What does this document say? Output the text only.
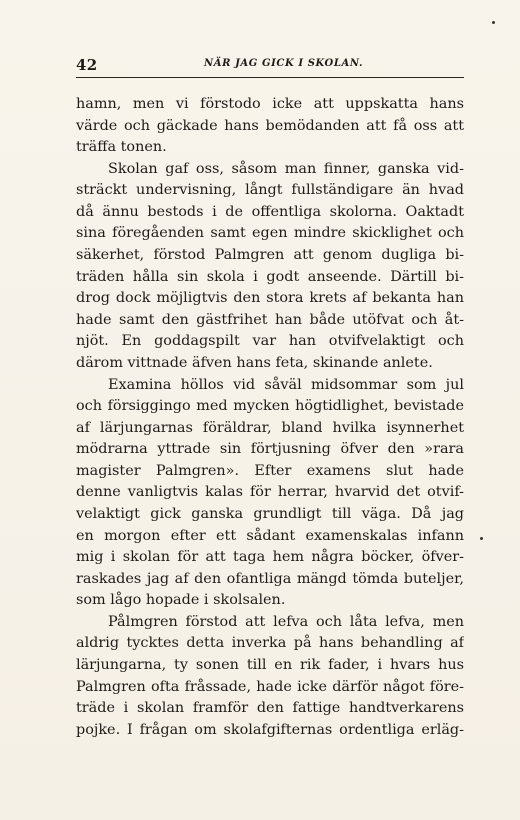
42	NÄR JAG GICK I SKOLAN.
hamn, men vi förstodo icke att uppskatta hans
värde och gäckade hans bemödanden att få oss att
träffa tonen.
Skolan gaf oss, såsom man finner, ganska vid-
sträckt undervisning, långt fullständigare än hvad
då ännu bestods i de offentliga skolorna. Oaktadt
sina föregåenden samt egen mindre skicklighet och
säkerhet, förstod Palmgren att genom dugliga bi-
träden hålla sin skola i godt anseende. Därtill bi-
drog dock möjligtvis den stora krets af bekanta han
hade samt den gästfrihet han både utöfvat och åt-
njöt. En goddagspilt var han otvifvelaktigt och
därom vittnade äfven hans feta, skinande anlete.
Examina höllos vid såväl midsommar som jul
och försiggingo med mycken högtidlighet, bevistade
af lärjungarnas föräldrar, bland hvilka isynnerhet
mödrarna yttrade sin förtjusning öfver den »rara
magister Palmgren». Efter examens slut hade
denne vanligtvis kalas för herrar, hvarvid det otvif-
velaktigt gick ganska grundligt till väga. Då jag
en morgon efter ett sådant examenskalas infann
mig i skolan för att taga hem några böcker, öfver-
raskades jag af den ofantliga mängd tömda buteljer,
som lågo hopade i skolsalen.
Pålmgren förstod att lefva och låta lefva, men
aldrig tycktes detta inverka på hans behandling af
lärjungarna, ty sonen till en rik fader, i hvars hus
Palmgren ofta fråssade, hade icke därför något före-
träde i skolan framför den fattige handtverkarens
pojke. I frågan om skolafgifternas ordentliga erläg-
